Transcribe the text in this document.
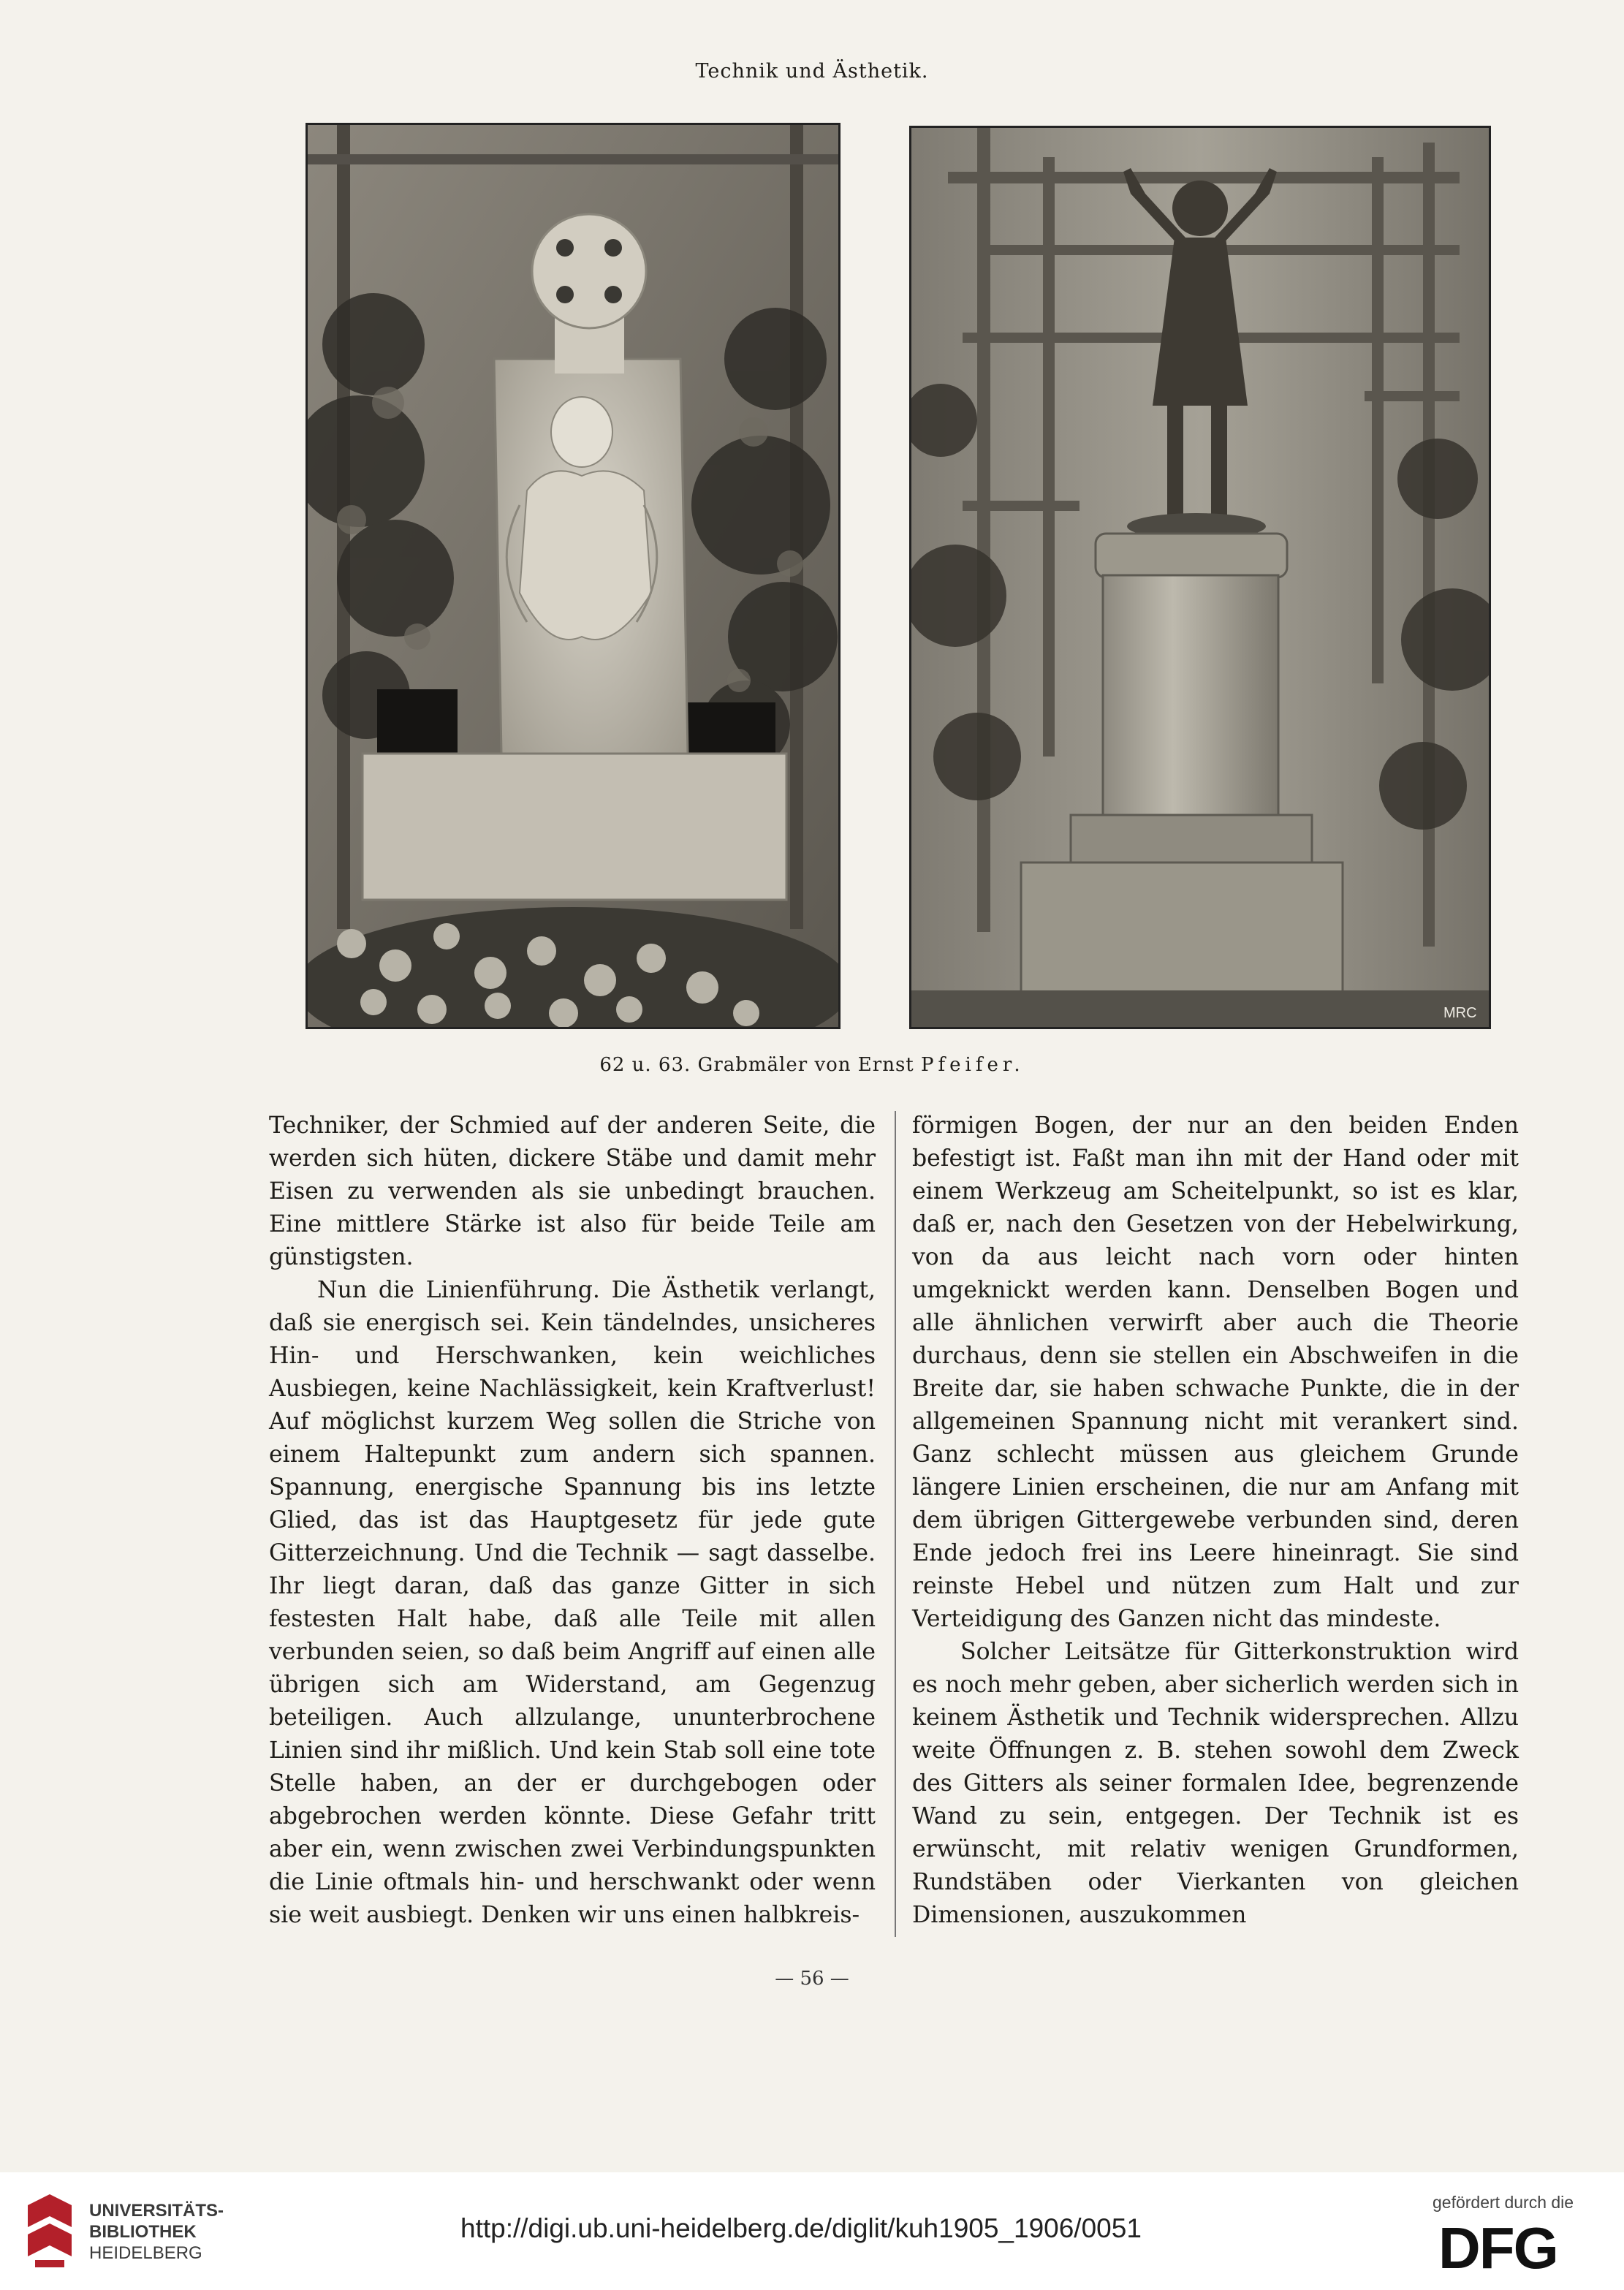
Technik und Ästhetik.
MRC
62 u. 63. Grabmäler von Ernst Pfeifer.

Techniker, der Schmied auf der anderen Seite, die werden sich hüten, dickere Stäbe und damit mehr Eisen zu verwenden als sie unbedingt brauchen. Eine mittlere Stärke ist also für beide Teile am günstigsten.

Nun die Linienführung. Die Ästhetik verlangt, daß sie energisch sei. Kein tändelndes, unsicheres Hin- und Herschwanken, kein weichliches Ausbiegen, keine Nachlässigkeit, kein Kraftverlust! Auf möglichst kurzem Weg sollen die Striche von einem Haltepunkt zum andern sich spannen. Spannung, energische Spannung bis ins letzte Glied, das ist das Hauptgesetz für jede gute Gitterzeichnung. Und die Technik — sagt dasselbe. Ihr liegt daran, daß das ganze Gitter in sich festesten Halt habe, daß alle Teile mit allen verbunden seien, so daß beim Angriff auf einen alle übrigen sich am Widerstand, am Gegenzug beteiligen. Auch allzulange, ununterbrochene Linien sind ihr mißlich. Und kein Stab soll eine tote Stelle haben, an der er durchgebogen oder abgebrochen werden könnte. Diese Gefahr tritt aber ein, wenn zwischen zwei Verbindungspunkten die Linie oftmals hin- und herschwankt oder wenn sie weit ausbiegt. Denken wir uns einen halbkreis-

förmigen Bogen, der nur an den beiden Enden befestigt ist. Faßt man ihn mit der Hand oder mit einem Werkzeug am Scheitelpunkt, so ist es klar, daß er, nach den Gesetzen von der Hebelwirkung, von da aus leicht nach vorn oder hinten umgeknickt werden kann. Denselben Bogen und alle ähnlichen verwirft aber auch die Theorie durchaus, denn sie stellen ein Abschweifen in die Breite dar, sie haben schwache Punkte, die in der allgemeinen Spannung nicht mit verankert sind. Ganz schlecht müssen aus gleichem Grunde längere Linien erscheinen, die nur am Anfang mit dem übrigen Gittergewebe verbunden sind, deren Ende jedoch frei ins Leere hineinragt. Sie sind reinste Hebel und nützen zum Halt und zur Verteidigung des Ganzen nicht das mindeste.

Solcher Leitsätze für Gitterkonstruktion wird es noch mehr geben, aber sicherlich werden sich in keinem Ästhetik und Technik widersprechen. Allzu weite Öffnungen z. B. stehen sowohl dem Zweck des Gitters als seiner formalen Idee, begrenzende Wand zu sein, entgegen. Der Technik ist es erwünscht, mit relativ wenigen Grundformen, Rundstäben oder Vierkanten von gleichen Dimensionen, auszukommen

— 56 —
UNIVERSITÄTS-
BIBLIOTHEK
HEIDELBERG
http://digi.ub.uni-heidelberg.de/diglit/kuh1905_1906/0051
gefördert durch die
DFG
